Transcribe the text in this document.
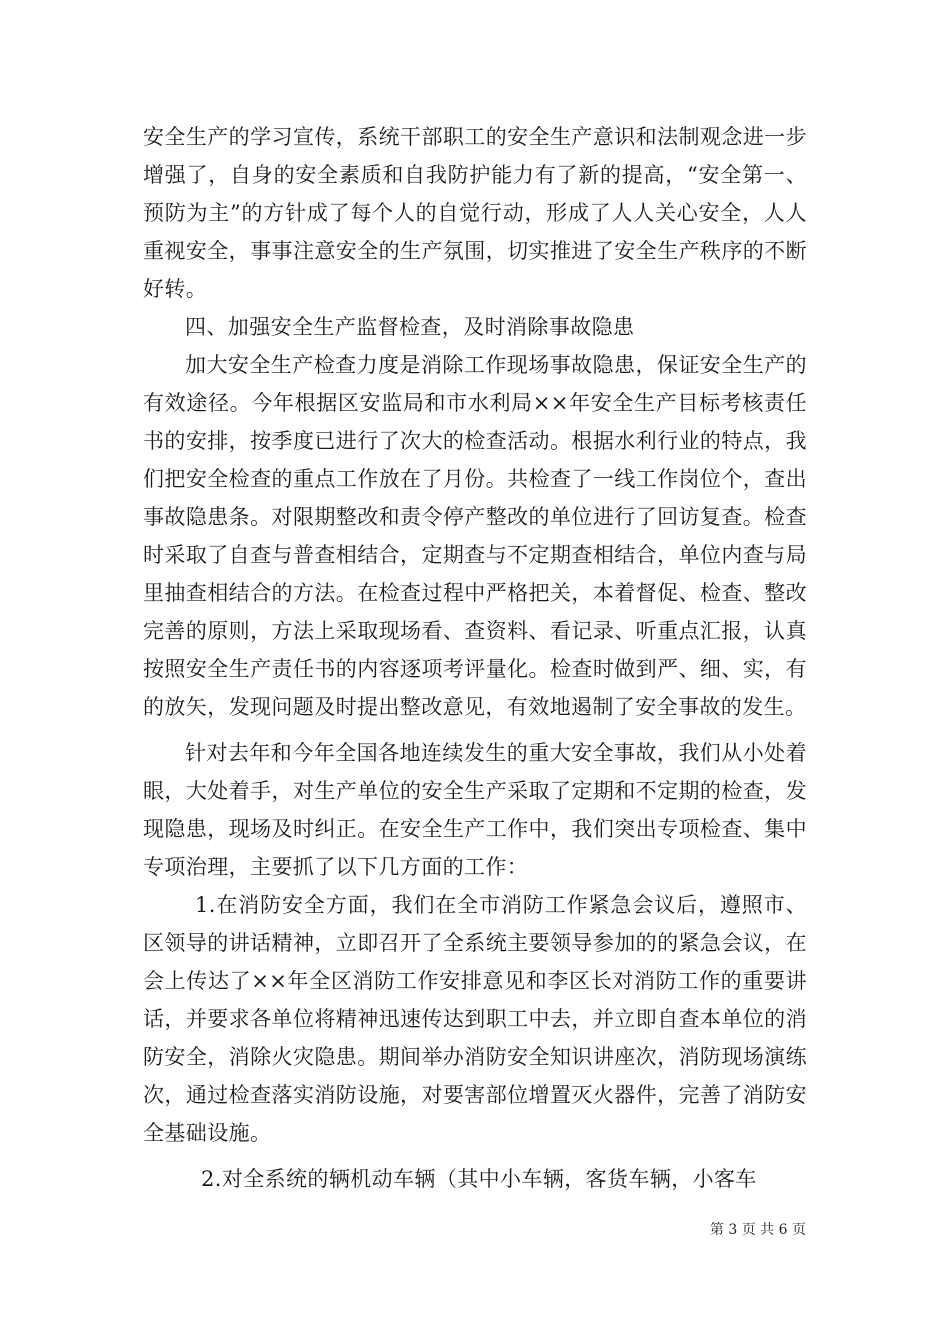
安全生产的学习宣传，系统干部职工的安全生产意识和法制观念进一步增强了，自身的安全素质和自我防护能力有了新的提高，“安全第一、预防为主”的方针成了每个人的自觉行动，形成了人人关心安全，人人重视安全，事事注意安全的生产氛围，切实推进了安全生产秩序的不断好转。

四、加强安全生产监督检查，及时消除事故隐患

加大安全生产检查力度是消除工作现场事故隐患，保证安全生产的有效途径。今年根据区安监局和市水利局××年安全生产目标考核责任书的安排，按季度已进行了次大的检查活动。根据水利行业的特点，我们把安全检查的重点工作放在了月份。共检查了一线工作岗位个，查出事故隐患条。对限期整改和责令停产整改的单位进行了回访复查。检查时采取了自查与普查相结合，定期查与不定期查相结合，单位内查与局里抽查相结合的方法。在检查过程中严格把关，本着督促、检查、整改完善的原则，方法上采取现场看、查资料、看记录、听重点汇报，认真按照安全生产责任书的内容逐项考评量化。检查时做到严、细、实，有的放矢，发现问题及时提出整改意见，有效地遏制了安全事故的发生。

针对去年和今年全国各地连续发生的重大安全事故，我们从小处着眼，大处着手，对生产单位的安全生产采取了定期和不定期的检查，发现隐患，现场及时纠正。在安全生产工作中，我们突出专项检查、集中专项治理，主要抓了以下几方面的工作：

1.在消防安全方面，我们在全市消防工作紧急会议后，遵照市、区领导的讲话精神，立即召开了全系统主要领导参加的的紧急会议，在会上传达了××年全区消防工作安排意见和李区长对消防工作的重要讲话，并要求各单位将精神迅速传达到职工中去，并立即自查本单位的消防安全，消除火灾隐患。期间举办消防安全知识讲座次，消防现场演练次，通过检查落实消防设施，对要害部位增置灭火器件，完善了消防安全基础设施。

2.对全系统的辆机动车辆（其中小车辆，客货车辆，小客车

第 3 页 共 6 页
